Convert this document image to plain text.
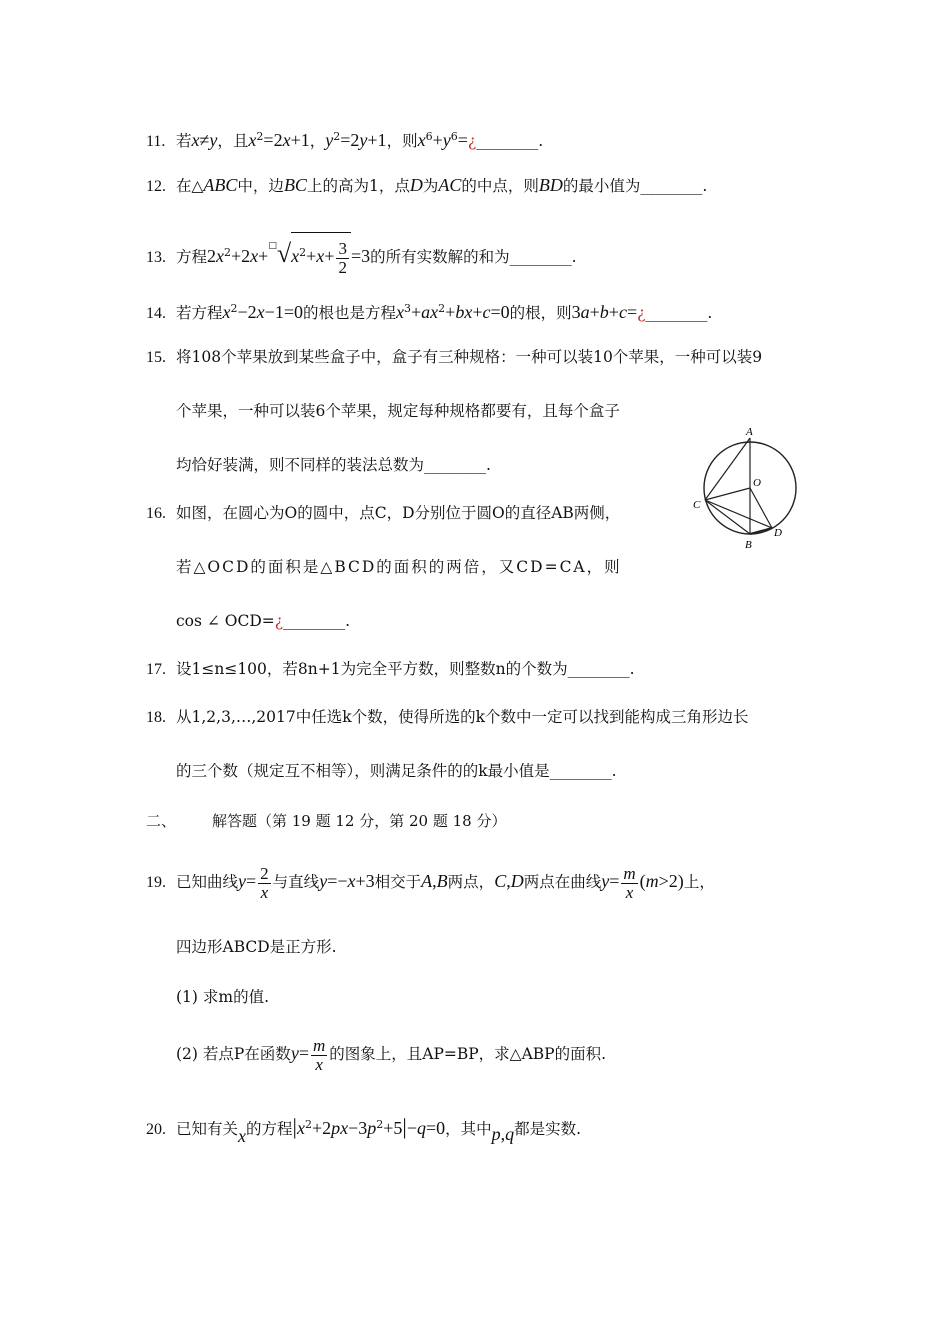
11. 若x≠y，且$x^2=2x+1$，$y^2=2y+1$，则$x^6+y^6=¿\_\_\_\_\_\_\_\_$.
12. 在△ABC中，边BC上的高为1，点D为AC的中点，则BD的最小值为________.
13. 方程$2x^2+2x+^□√x^2+x+ \frac{3}{2} =3$的所有实数解的和为________.
14. 若方程$x^2-2x-1=0$的根也是方程$x^3+ax^2+bx+c=0$的根，则3a+b+c=¿________.
15. 将108个苹果放到某些盒子中，盒子有三种规格：一种可以装10个苹果，一种可以装9
个苹果，一种可以装6个苹果，规定每种规格都要有，且每个盒子
均恰好装满，则不同样的装法总数为________.
16. 如图，在圆心为O的圆中，点C，D分别位于圆O的直径AB两侧，
若△OCD的面积是△BCD的面积的两倍，又CD=CA，则
cos ∠ OCD=¿________.
A
O
C
B
D
17. 设1≤n≤100，若8n+1为完全平方数，则整数n的个数为________.
18. 从1,2,3,…,2017中任选k个数，使得所选的k个数中一定可以找到能构成三角形边长
的三个数（规定互不相等），则满足条件的的k最小值是________.
二、 解答题（第 19 题 12 分，第 20 题 18 分）
19. 已知曲线$y= \frac{2}{x}$ 与直线y=−x+3相交于A,B两点，C,D两点在曲线$y= \frac{m}{x} (m>2)$上，
四边形ABCD是正方形.
(1) 求m的值.
(2) 若点P在函数$y= \frac{m}{x}$ 的图象上，且AP=BP，求△ABP的面积.
20. 已知有关x的方程$|x^2+2px-3p^2+5|-q=0$，其中p,q都是实数.
